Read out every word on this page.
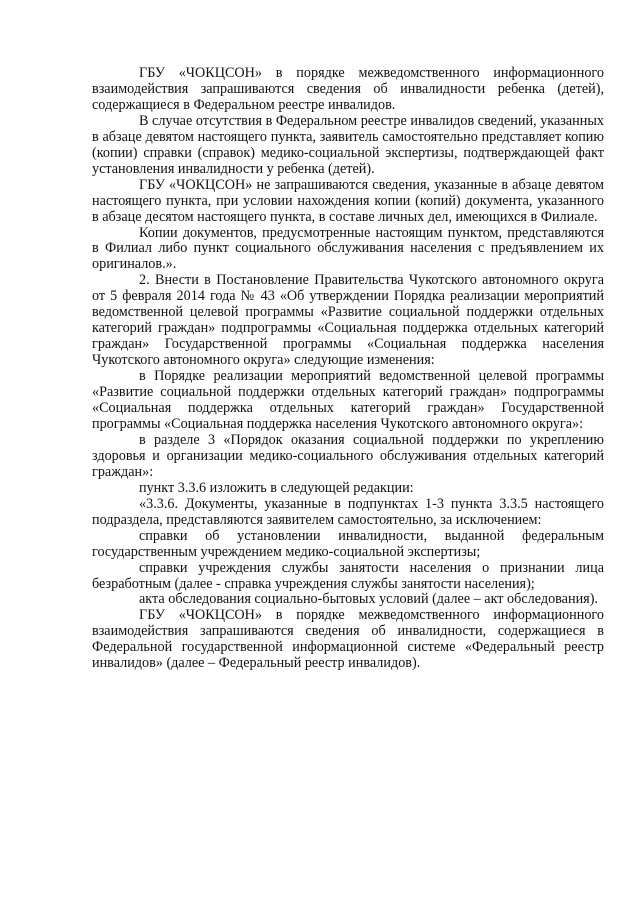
ГБУ «ЧОКЦСОН» в порядке межведомственного информационного взаимодействия запрашиваются сведения об инвалидности ребенка (детей), содержащиеся в Федеральном реестре инвалидов.

В случае отсутствия в Федеральном реестре инвалидов сведений, указанных в абзаце девятом настоящего пункта, заявитель самостоятельно представляет копию (копии) справки (справок) медико-социальной экспертизы, подтверждающей факт установления инвалидности у ребенка (детей).

ГБУ «ЧОКЦСОН» не запрашиваются сведения, указанные в абзаце девятом настоящего пункта, при условии нахождения копии (копий) документа, указанного в абзаце десятом настоящего пункта, в составе личных дел, имеющихся в Филиале.

Копии документов, предусмотренные настоящим пунктом, представляются в Филиал либо пункт социального обслуживания населения с предъявлением их оригиналов.».

2. Внести в Постановление Правительства Чукотского автономного округа от 5 февраля 2014 года № 43 «Об утверждении Порядка реализации мероприятий ведомственной целевой программы «Развитие социальной поддержки отдельных категорий граждан» подпрограммы «Социальная поддержка отдельных категорий граждан» Государственной программы «Социальная поддержка населения Чукотского автономного округа» следующие изменения:

в Порядке реализации мероприятий ведомственной целевой программы «Развитие социальной поддержки отдельных категорий граждан» подпрограммы «Социальная поддержка отдельных категорий граждан» Государственной программы «Социальная поддержка населения Чукотского автономного округа»:

в разделе 3 «Порядок оказания социальной поддержки по укреплению здоровья и организации медико-социального обслуживания отдельных категорий граждан»:

пункт 3.3.6 изложить в следующей редакции:

«3.3.6. Документы, указанные в подпунктах 1-3 пункта 3.3.5 настоящего подраздела, представляются заявителем самостоятельно, за исключением:

справки об установлении инвалидности, выданной федеральным государственным учреждением медико-социальной экспертизы;

справки учреждения службы занятости населения о признании лица безработным (далее - справка учреждения службы занятости населения);

акта обследования социально-бытовых условий (далее – акт обследования).

ГБУ «ЧОКЦСОН» в порядке межведомственного информационного взаимодействия запрашиваются сведения об инвалидности, содержащиеся в Федеральной государственной информационной системе «Федеральный реестр инвалидов» (далее – Федеральный реестр инвалидов).
